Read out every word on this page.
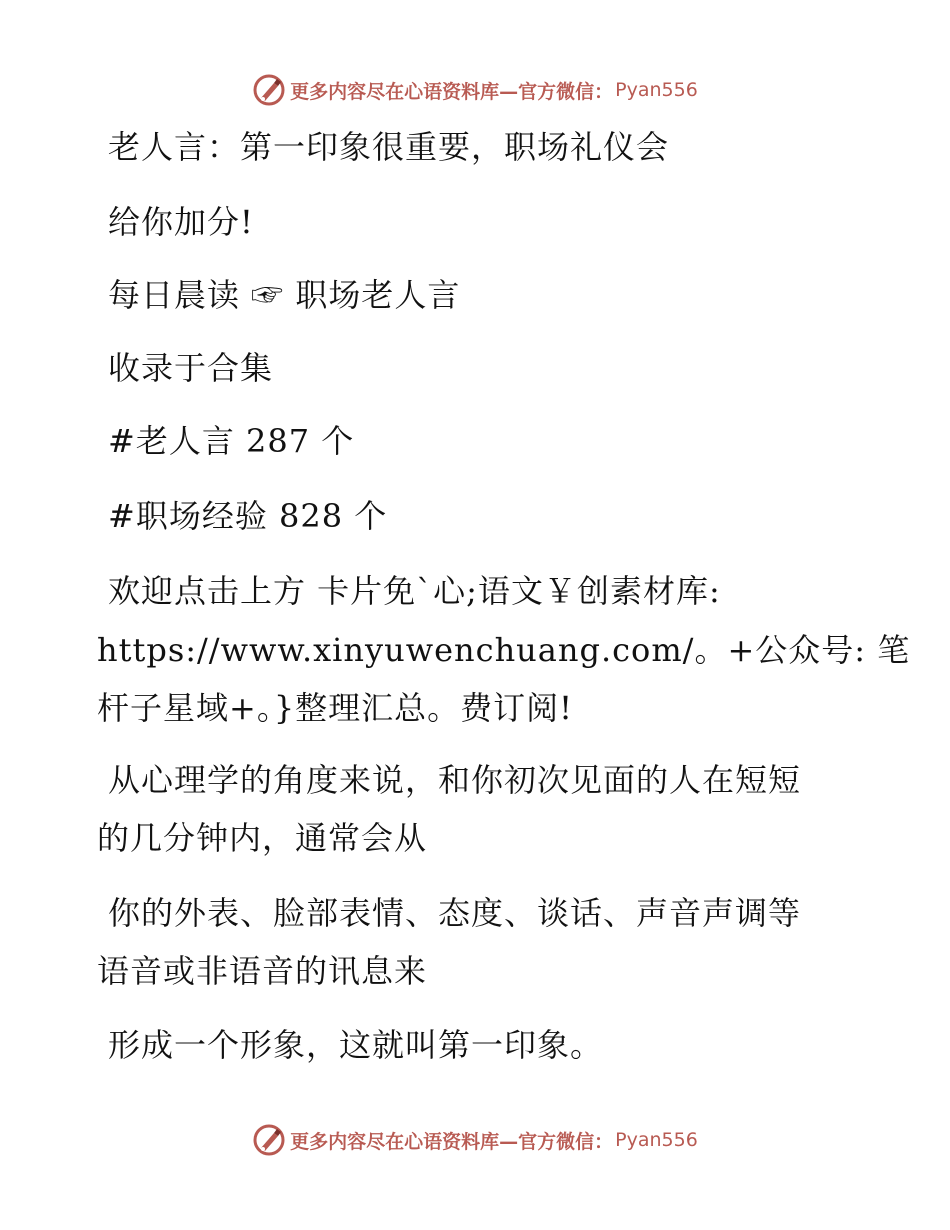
更多内容尽在心语资料库—官方微信： Pyan556
老人言：第一印象很重要，职场礼仪会
给你加分!
每日晨读 ☞ 职场老人言
收录于合集
#老人言 287 个
#职场经验 828 个
欢迎点击上方 卡片免`心;语文￥创素材库:
https://www.xinyuwenchuang.com/。+公众号: 笔
杆子星域+。}整理汇总。费订阅!
从心理学的角度来说，和你初次见面的人在短短
的几分钟内，通常会从
你的外表、脸部表情、态度、谈话、声音声调等
语音或非语音的讯息来
形成一个形象，这就叫第一印象。
更多内容尽在心语资料库—官方微信： Pyan556
